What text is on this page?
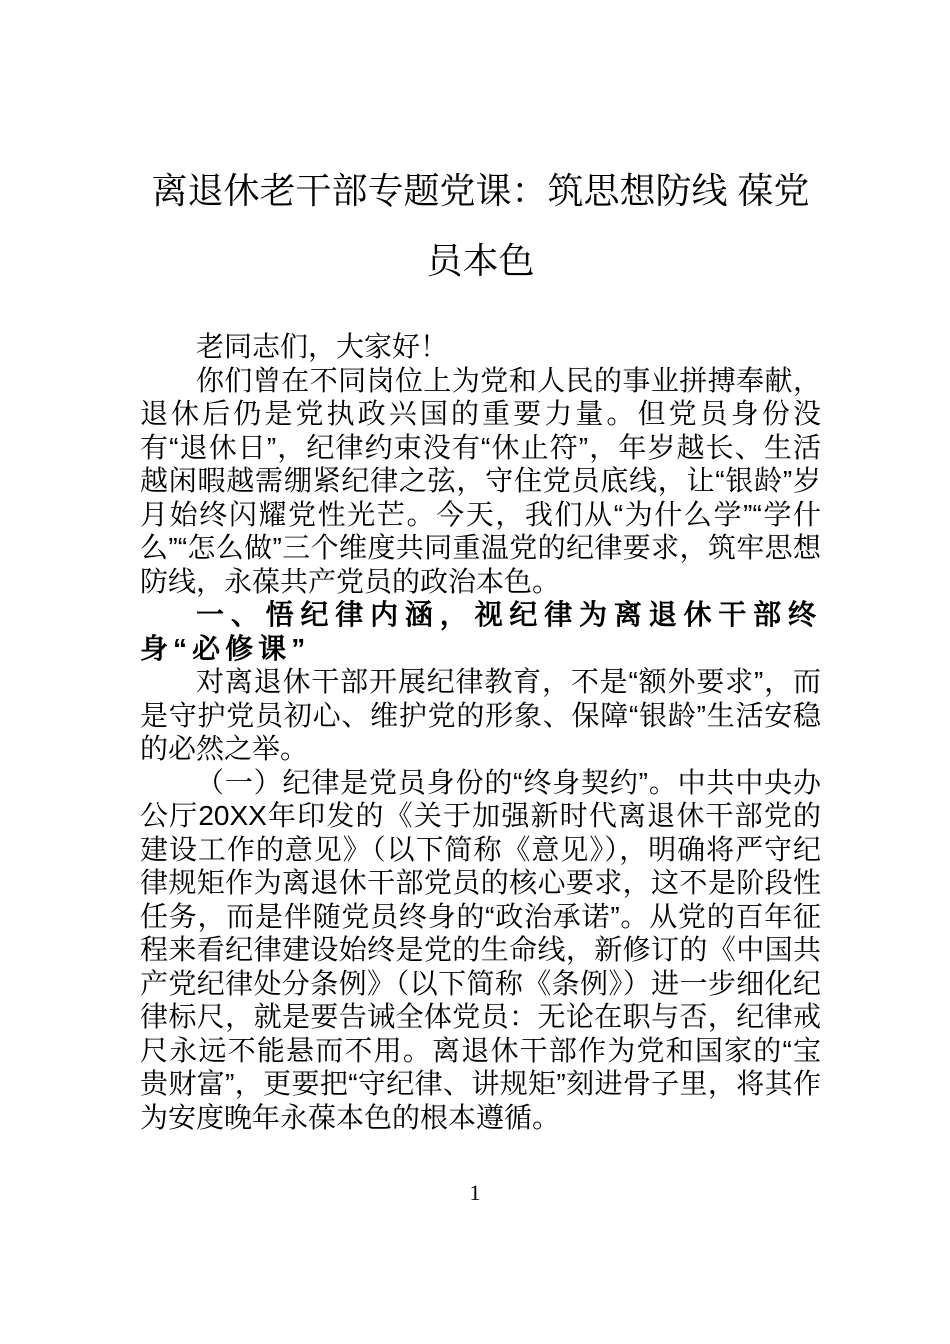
离退休老干部专题党课：筑思想防线 葆党员本色

老同志们，大家好！

你们曾在不同岗位上为党和人民的事业拼搏奉献，退休后仍是党执政兴国的重要力量。但党员身份没有“退休日”，纪律约束没有“休止符”，年岁越长、生活越闲暇越需绷紧纪律之弦，守住党员底线，让“银龄”岁月始终闪耀党性光芒。今天，我们从“为什么学”“学什么”“怎么做”三个维度共同重温党的纪律要求，筑牢思想防线，永葆共产党员的政治本色。

一、悟纪律内涵，视纪律为离退休干部终身“必修课”

对离退休干部开展纪律教育，不是“额外要求”，而是守护党员初心、维护党的形象、保障“银龄”生活安稳的必然之举。

（一）纪律是党员身份的“终身契约”。中共中央办公厅20XX年印发的《关于加强新时代离退休干部党的建设工作的意见》（以下简称《意见》），明确将严守纪律规矩作为离退休干部党员的核心要求，这不是阶段性任务，而是伴随党员终身的“政治承诺”。从党的百年征程来看纪律建设始终是党的生命线，新修订的《中国共产党纪律处分条例》（以下简称《条例》）进一步细化纪律标尺，就是要告诫全体党员：无论在职与否，纪律戒尺永远不能悬而不用。离退休干部作为党和国家的“宝贵财富”，更要把“守纪律、讲规矩”刻进骨子里，将其作为安度晚年永葆本色的根本遵循。

1
